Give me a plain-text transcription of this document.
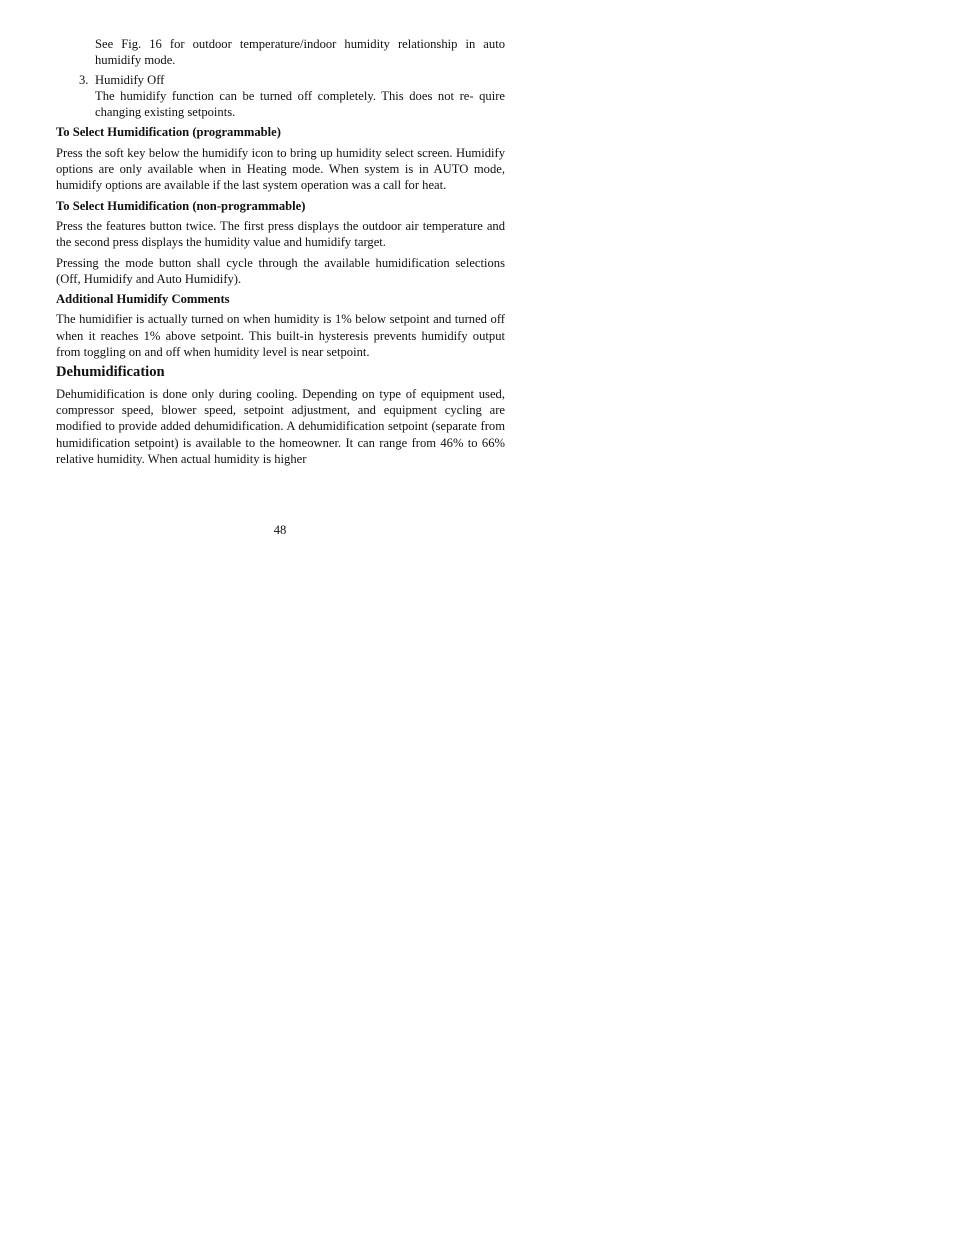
See Fig. 16 for outdoor temperature/indoor humidity relationship in auto humidify mode.

3. Humidify Off

The humidify function can be turned off completely. This does not re- quire changing existing setpoints.

To Select Humidification (programmable)

Press the soft key below the humidify icon to bring up humidity select screen. Humidify options are only available when in Heating mode. When system is in AUTO mode, humidify options are available if the last system operation was a call for heat.

To Select Humidification (non‑programmable)

Press the features button twice. The first press displays the outdoor air temperature and the second press displays the humidity value and humidify target.

Pressing the mode button shall cycle through the available humidification selections (Off, Humidify and Auto Humidify).

Additional Humidify Comments

The humidifier is actually turned on when humidity is 1% below setpoint and turned off when it reaches 1% above setpoint. This built‑in hysteresis prevents humidify output from toggling on and off when humidity level is near setpoint.

Dehumidification

Dehumidification is done only during cooling. Depending on type of equipment used, compressor speed, blower speed, setpoint adjustment, and equipment cycling are modified to provide added dehumidification. A dehumidification setpoint (separate from humidification setpoint) is available to the homeowner. It can range from 46% to 66% relative humidity. When actual humidity is higher

48
